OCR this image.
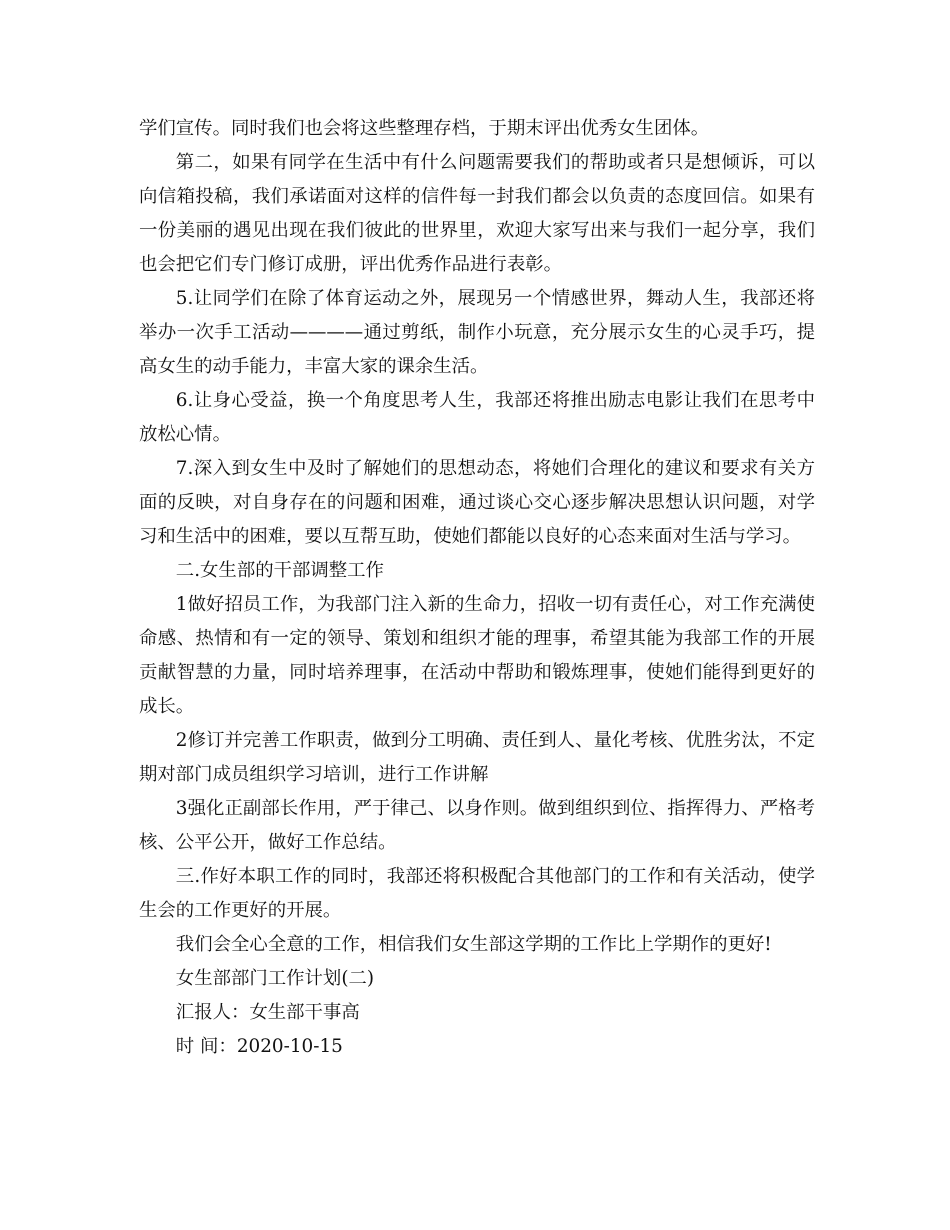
学们宣传。同时我们也会将这些整理存档，于期末评出优秀女生团体。

第二，如果有同学在生活中有什么问题需要我们的帮助或者只是想倾诉，可以向信箱投稿，我们承诺面对这样的信件每一封我们都会以负责的态度回信。如果有一份美丽的遇见出现在我们彼此的世界里，欢迎大家写出来与我们一起分享，我们也会把它们专门修订成册，评出优秀作品进行表彰。

5.让同学们在除了体育运动之外，展现另一个情感世界，舞动人生，我部还将举办一次手工活动————通过剪纸，制作小玩意，充分展示女生的心灵手巧，提高女生的动手能力，丰富大家的课余生活。

6.让身心受益，换一个角度思考人生，我部还将推出励志电影让我们在思考中放松心情。

7.深入到女生中及时了解她们的思想动态，将她们合理化的建议和要求有关方面的反映，对自身存在的问题和困难，通过谈心交心逐步解决思想认识问题，对学习和生活中的困难，要以互帮互助，使她们都能以良好的心态来面对生活与学习。

二.女生部的干部调整工作

1做好招员工作，为我部门注入新的生命力，招收一切有责任心，对工作充满使命感、热情和有一定的领导、策划和组织才能的理事，希望其能为我部工作的开展贡献智慧的力量，同时培养理事，在活动中帮助和锻炼理事，使她们能得到更好的成长。

2修订并完善工作职责，做到分工明确、责任到人、量化考核、优胜劣汰，不定期对部门成员组织学习培训，进行工作讲解

3强化正副部长作用，严于律己、以身作则。做到组织到位、指挥得力、严格考核、公平公开，做好工作总结。

三.作好本职工作的同时，我部还将积极配合其他部门的工作和有关活动，使学生会的工作更好的开展。

我们会全心全意的工作，相信我们女生部这学期的工作比上学期作的更好!

女生部部门工作计划(二)

汇报人：女生部干事高

时 间：2020-10-15
